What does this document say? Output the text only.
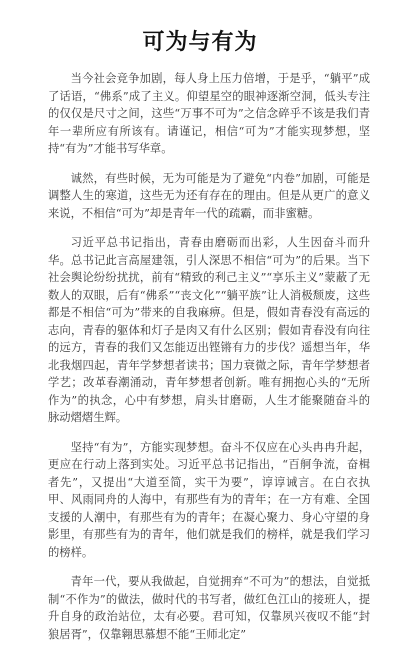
可为与有为

当今社会竞争加剧，每人身上压力倍增，于是乎，“躺平”成了话语，“佛系”成了主义。仰望星空的眼神逐渐空洞，低头专注的仅仅是尺寸之间，这些“万事不可为”之信念碎乎不该是我们青年一辈所应有所该有。请谨记，相信“可为”才能实现梦想，坚持“有为”才能书写华章。

诚然，有些时候，无为可能是为了避免“内卷”加剧，可能是调整人生的寒道，这些无为还有存在的理由。但是从更广的意义来说，不相信“可为”却是青年一代的疏霸，而非蜜糖。

习近平总书记指出，青春由磨砺而出彩，人生因奋斗而升华。总书记此言高屋建瓴，引人深思不相信“可为”的后果。当下社会舆论纷纷扰扰，前有“精致的利己主义”“享乐主义”蒙蔽了无数人的双眼，后有“佛系”“丧文化”“躺平族”让人消极颓废，这些都是不相信“可为”带来的自我麻痹。但是，假如青春没有高远的志向，青春的躯体和灯子是肉又有什么区别；假如青春没有向往的远方，青春的我们又怎能迈出铿锵有力的步伐？遥想当年，华北我烟四起，青年学梦想者读书；国力衰微之际，青年学梦想者学艺；改革春潮涌动，青年梦想者创新。唯有拥抱心头的“无所作为”的执念，心中有梦想，肩头甘磨砺，人生才能聚随奋斗的脉动熠熠生辉。

坚持“有为”，方能实现梦想。奋斗不仅应在心头冉冉升起，更应在行动上落到实处。习近平总书记指出，“百舸争流，奋楫者先”，又提出“大道至简，实干为要”，谆谆诫言。在白衣执甲、风雨同舟的人海中，有那些有为的青年；在一方有难、全国支援的人潮中，有那些有为的青年；在凝心聚力、身心守望的身影里，有那些有为的青年，他们就是我们的榜样，就是我们学习的榜样。

青年一代，要从我做起，自觉拥弃“不可为”的想法，自觉抵制“不作为”的做法，做时代的书写者，做红色江山的接班人，提升自身的政治站位，太有必要。君可知，仅靠夙兴夜叹不能“封狼居胥”，仅靠翱思慕想不能“王师北定”
